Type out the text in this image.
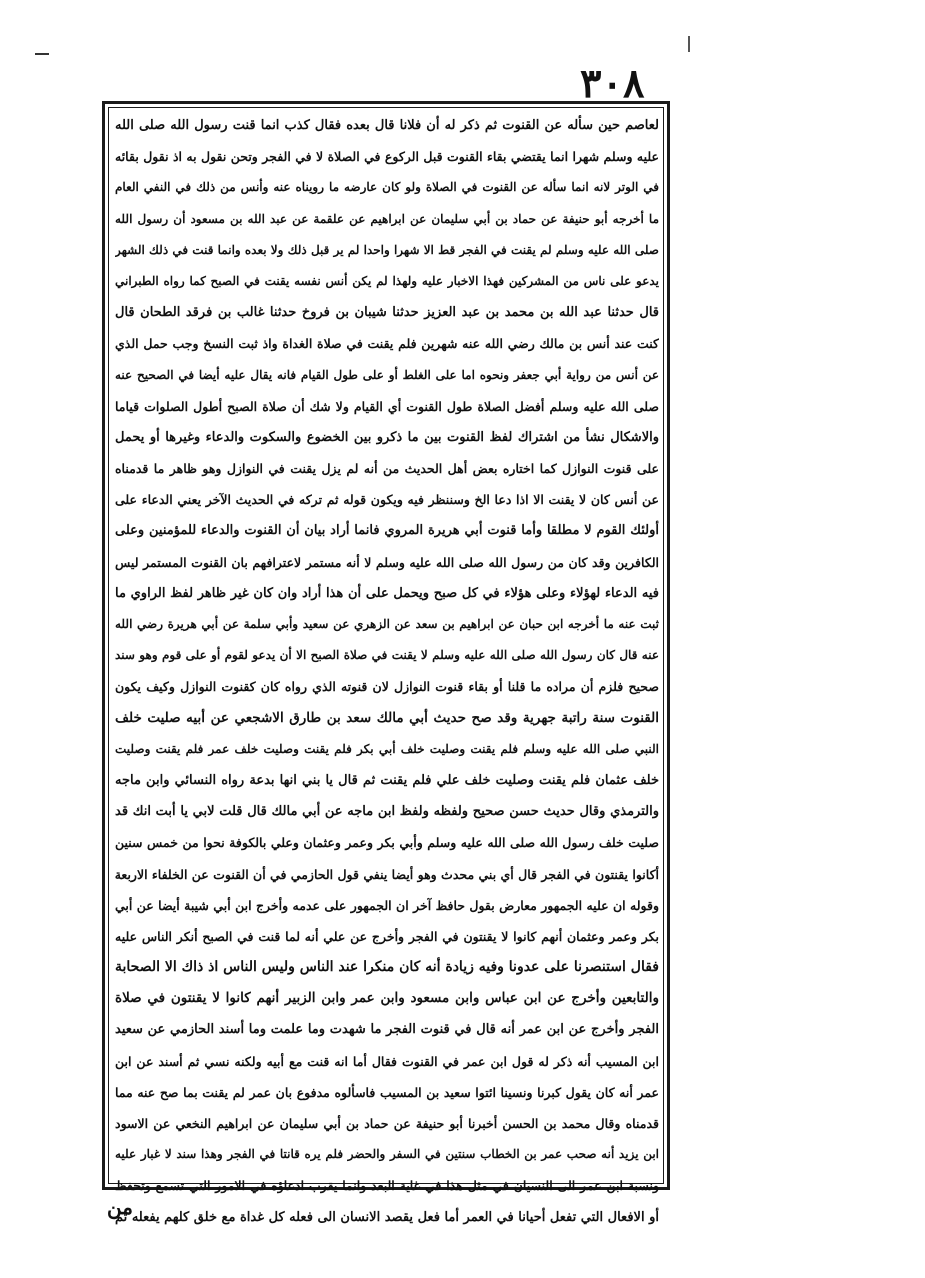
٣٠٨
لعاصم حين سأله عن القنوت ثم ذكر له أن فلانا قال بعده فقال كذب انما قنت رسول الله صلى الله
عليه وسلم شهرا انما يقتضي بقاء القنوت قبل الركوع في الصلاة لا في الفجر وتحن نقول به اذ نقول بقائه
في الوتر لانه انما سأله عن القنوت في الصلاة ولو كان عارضه ما رويناه عنه وأنس من ذلك في النفي العام
ما أخرجه أبو حنيفة عن حماد بن أبي سليمان عن ابراهيم عن علقمة عن عبد الله بن مسعود أن رسول الله
صلى الله عليه وسلم لم يقنت في الفجر قط الا شهرا واحدا لم ير قبل ذلك ولا بعده وانما قنت في ذلك الشهر
يدعو على ناس من المشركين فهذا الاخبار عليه ولهذا لم يكن أنس نفسه يقنت في الصبح كما رواه الطبراني
قال حدثنا عبد الله بن محمد بن عبد العزيز حدثنا شيبان بن فروخ حدثنا غالب بن فرقد الطحان قال
كنت عند أنس بن مالك رضي الله عنه شهرين فلم يقنت في صلاة الغداة واذ ثبت النسخ وجب حمل الذي
عن أنس من رواية أبي جعفر ونحوه اما على الغلط أو على طول القيام فانه يقال عليه أيضا في الصحيح عنه
صلى الله عليه وسلم أفضل الصلاة طول القنوت أي القيام ولا شك أن صلاة الصبح أطول الصلوات قياما
والاشكال نشأ من اشتراك لفظ القنوت بين ما ذكرو بين الخضوع والسكوت والدعاء وغيرها أو يحمل
على قنوت النوازل كما اختاره بعض أهل الحديث من أنه لم يزل يقنت في النوازل وهو ظاهر ما قدمناه
عن أنس كان لا يقنت الا اذا دعا الخ وسننظر فيه ويكون قوله ثم تركه في الحديث الآخر يعني الدعاء على
أولئك القوم لا مطلقا وأما قنوت أبي هريرة المروي فانما أراد بيان أن القنوت والدعاء للمؤمنين وعلى
الكافرين وقد كان من رسول الله صلى الله عليه وسلم لا أنه مستمر لاعترافهم بان القنوت المستمر ليس
فيه الدعاء لهؤلاء وعلى هؤلاء في كل صبح ويحمل على أن هذا أراد وان كان غير ظاهر لفظ الراوي ما
ثبت عنه ما أخرجه ابن حبان عن ابراهيم بن سعد عن الزهري عن سعيد وأبي سلمة عن أبي هريرة رضي الله
عنه قال كان رسول الله صلى الله عليه وسلم لا يقنت في صلاة الصبح الا أن يدعو لقوم أو على قوم وهو سند
صحيح فلزم أن مراده ما قلنا أو بقاء قنوت النوازل لان قنوته الذي رواه كان كقنوت النوازل وكيف يكون
القنوت سنة راتبة جهرية وقد صح حديث أبي مالك سعد بن طارق الاشجعي عن أبيه صليت خلف
النبي صلى الله عليه وسلم فلم يقنت وصليت خلف أبي بكر فلم يقنت وصليت خلف عمر فلم يقنت وصليت
خلف عثمان فلم يقنت وصليت خلف علي فلم يقنت ثم قال يا بني انها بدعة رواه النسائي وابن ماجه
والترمذي وقال حديث حسن صحيح ولفظه ولفظ ابن ماجه عن أبي مالك قال قلت لابي يا أبت انك قد
صليت خلف رسول الله صلى الله عليه وسلم وأبي بكر وعمر وعثمان وعلي بالكوفة نحوا من خمس سنين
أكانوا يقنتون في الفجر قال أي بني محدث وهو أيضا ينفي قول الحازمي في أن القنوت عن الخلفاء الاربعة
وقوله ان عليه الجمهور معارض بقول حافظ آخر ان الجمهور على عدمه وأخرج ابن أبي شيبة أيضا عن أبي
بكر وعمر وعثمان أنهم كانوا لا يقنتون في الفجر وأخرج عن علي أنه لما قنت في الصبح أنكر الناس عليه
فقال استنصرنا على عدونا وفيه زيادة أنه كان منكرا عند الناس وليس الناس اذ ذاك الا الصحابة
والتابعين وأخرج عن ابن عباس وابن مسعود وابن عمر وابن الزبير أنهم كانوا لا يقنتون في صلاة
الفجر وأخرج عن ابن عمر أنه قال في قنوت الفجر ما شهدت وما علمت وما أسند الحازمي عن سعيد
ابن المسيب أنه ذكر له قول ابن عمر في القنوت فقال أما انه قنت مع أبيه ولكنه نسي ثم أسند عن ابن
عمر أنه كان يقول كبرنا ونسينا ائتوا سعيد بن المسيب فاسألوه مدفوع بان عمر لم يقنت بما صح عنه مما
قدمناه وقال محمد بن الحسن أخبرنا أبو حنيفة عن حماد بن أبي سليمان عن ابراهيم النخعي عن الاسود
ابن يزيد أنه صحب عمر بن الخطاب سنتين في السفر والحضر فلم يره قانتا في الفجر وهذا سند لا غبار عليه
ونسبة ابن عمر الى النسيان في مثل هذا في غاية البعد وانما يقرب ادعاؤه في الامور التي تسمع وتحفظ
أو الافعال التي تفعل أحيانا في العمر أما فعل يقصد الانسان الى فعله كل غداة مع خلق كلهم يفعله ثم
من
